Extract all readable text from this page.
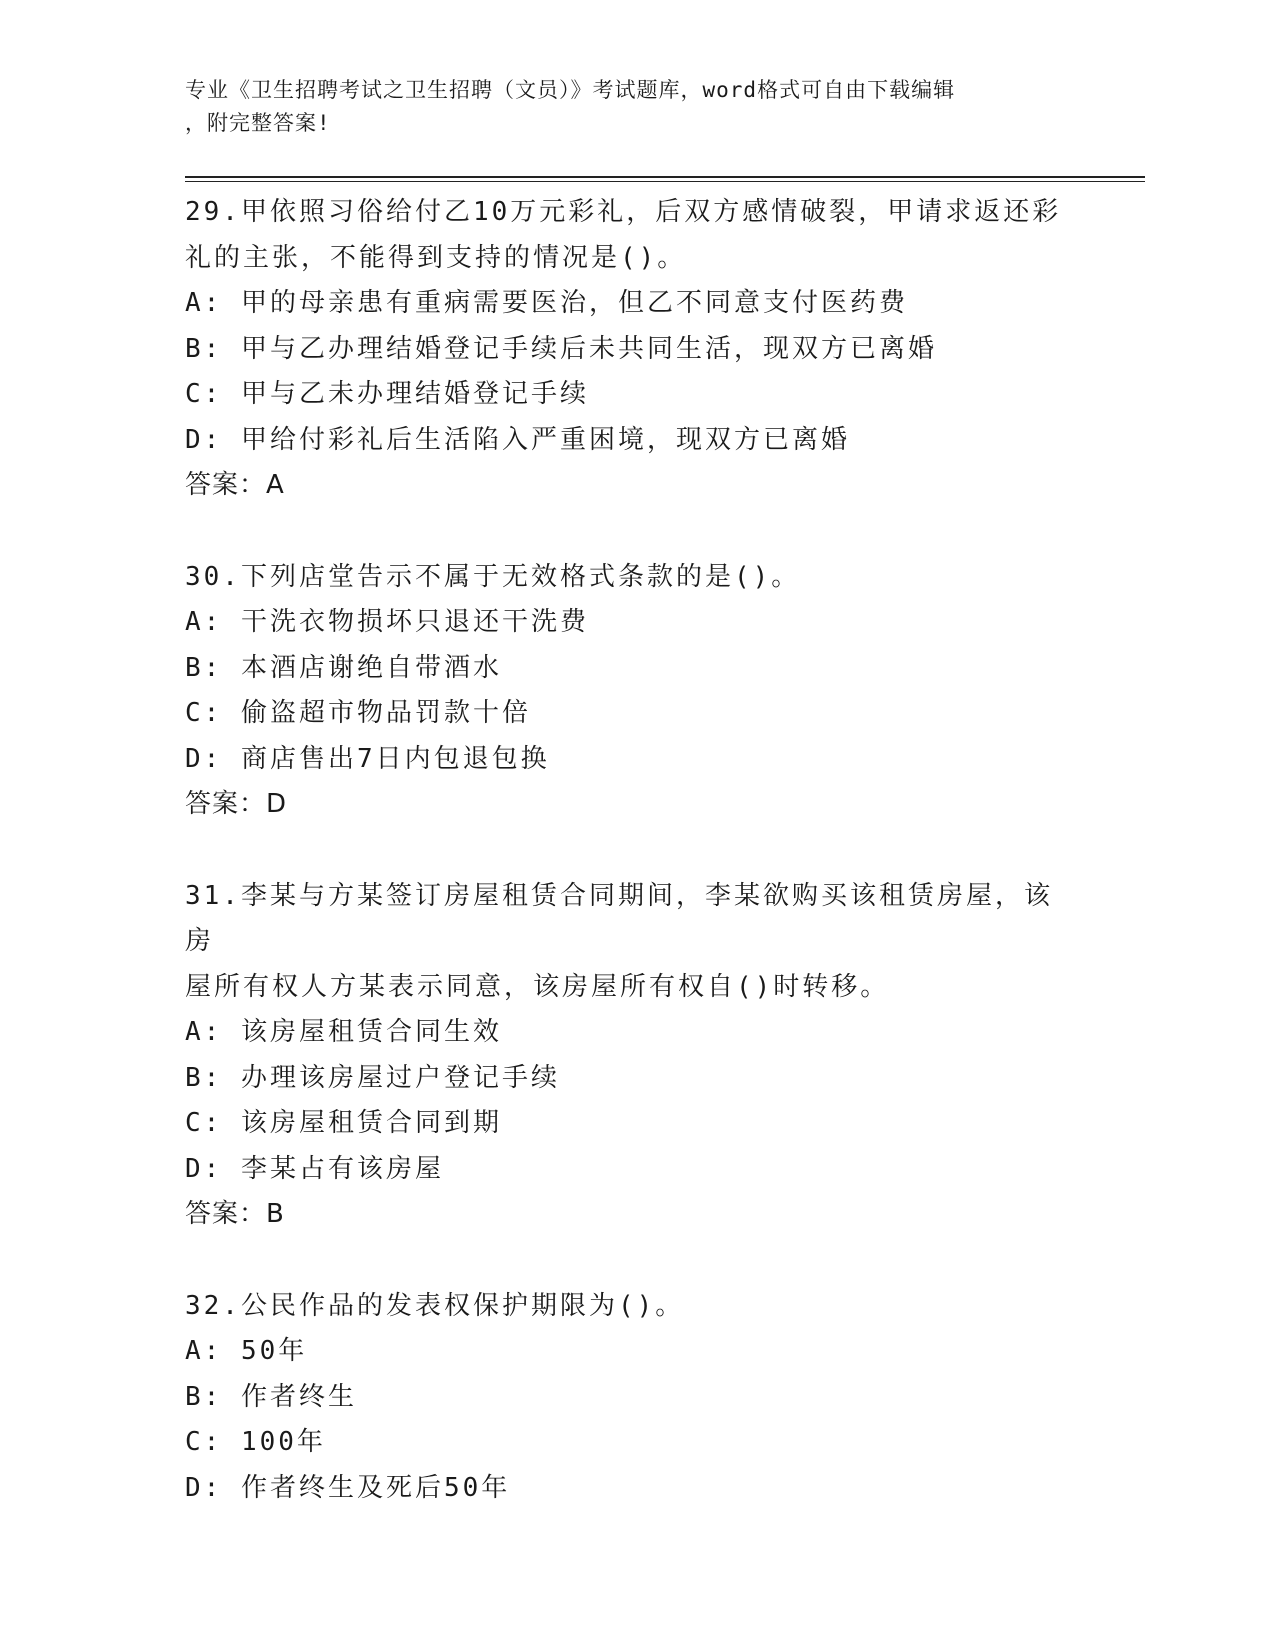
专业《卫生招聘考试之卫生招聘（文员）》考试题库，word格式可自由下载编辑

，附完整答案!

29.甲依照习俗给付乙10万元彩礼，后双方感情破裂，甲请求返还彩

礼的主张，不能得到支持的情况是()。

A: 甲的母亲患有重病需要医治，但乙不同意支付医药费

B: 甲与乙办理结婚登记手续后未共同生活，现双方已离婚

C: 甲与乙未办理结婚登记手续

D: 甲给付彩礼后生活陷入严重困境，现双方已离婚

答案：A

30.下列店堂告示不属于无效格式条款的是()。

A: 干洗衣物损坏只退还干洗费

B: 本酒店谢绝自带酒水

C: 偷盗超市物品罚款十倍

D: 商店售出7日内包退包换

答案：D

31.李某与方某签订房屋租赁合同期间，李某欲购买该租赁房屋，该房

屋所有权人方某表示同意，该房屋所有权自()时转移。

A: 该房屋租赁合同生效

B: 办理该房屋过户登记手续

C: 该房屋租赁合同到期

D: 李某占有该房屋

答案：B

32.公民作品的发表权保护期限为()。

A: 50年

B: 作者终生

C: 100年

D: 作者终生及死后50年
